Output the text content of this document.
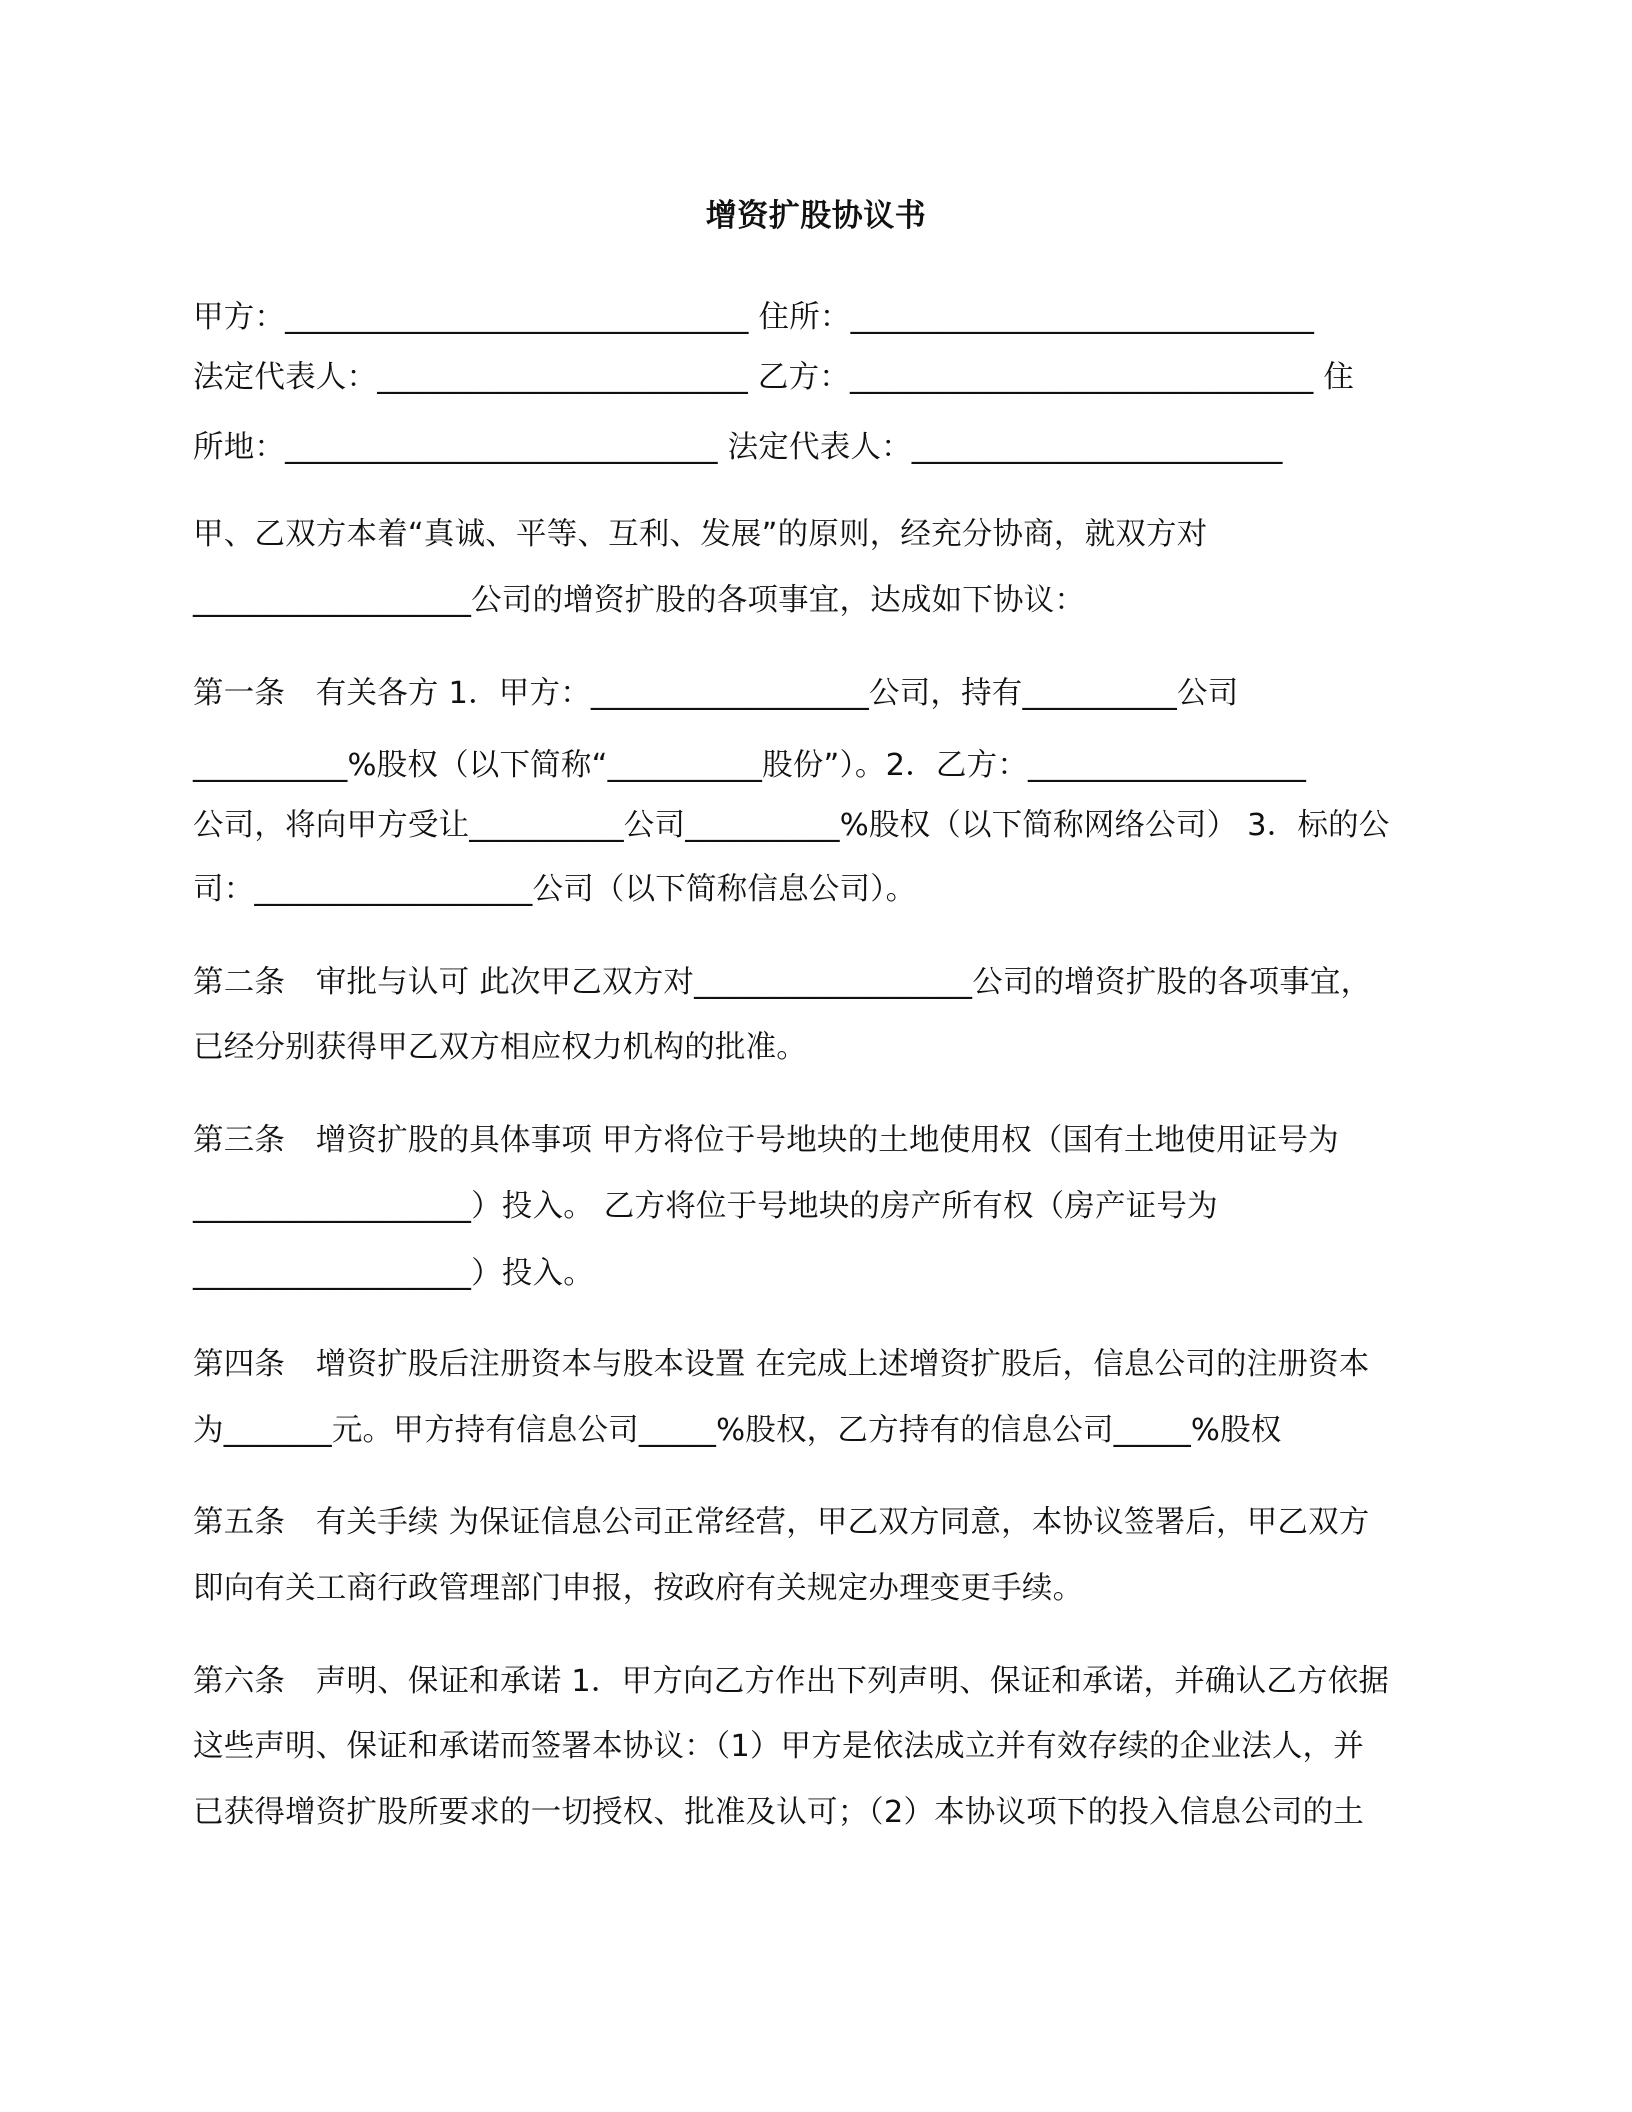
增资扩股协议书
甲方：______________________________ 住所：______________________________
法定代表人：________________________ 乙方：______________________________ 住
所地：____________________________ 法定代表人：________________________
甲、乙双方本着“真诚、平等、互利、发展”的原则，经充分协商，就双方对
__________________公司的增资扩股的各项事宜，达成如下协议：
第一条　有关各方 1．甲方：__________________公司，持有__________公司
__________%股权（以下简称“__________股份”）。2．乙方：__________________
公司，将向甲方受让__________公司__________%股权（以下简称网络公司） 3．标的公
司：__________________公司（以下简称信息公司）。
第二条　审批与认可 此次甲乙双方对__________________公司的增资扩股的各项事宜，
已经分别获得甲乙双方相应权力机构的批准。
第三条　增资扩股的具体事项 甲方将位于号地块的土地使用权（国有土地使用证号为
__________________）投入。 乙方将位于号地块的房产所有权（房产证号为
__________________）投入。
第四条　增资扩股后注册资本与股本设置 在完成上述增资扩股后，信息公司的注册资本
为_______元。甲方持有信息公司_____%股权，乙方持有的信息公司_____%股权
第五条　有关手续 为保证信息公司正常经营，甲乙双方同意，本协议签署后，甲乙双方
即向有关工商行政管理部门申报，按政府有关规定办理变更手续。
第六条　声明、保证和承诺 1．甲方向乙方作出下列声明、保证和承诺，并确认乙方依据
这些声明、保证和承诺而签署本协议：（1）甲方是依法成立并有效存续的企业法人，并
已获得增资扩股所要求的一切授权、批准及认可；（2）本协议项下的投入信息公司的土
